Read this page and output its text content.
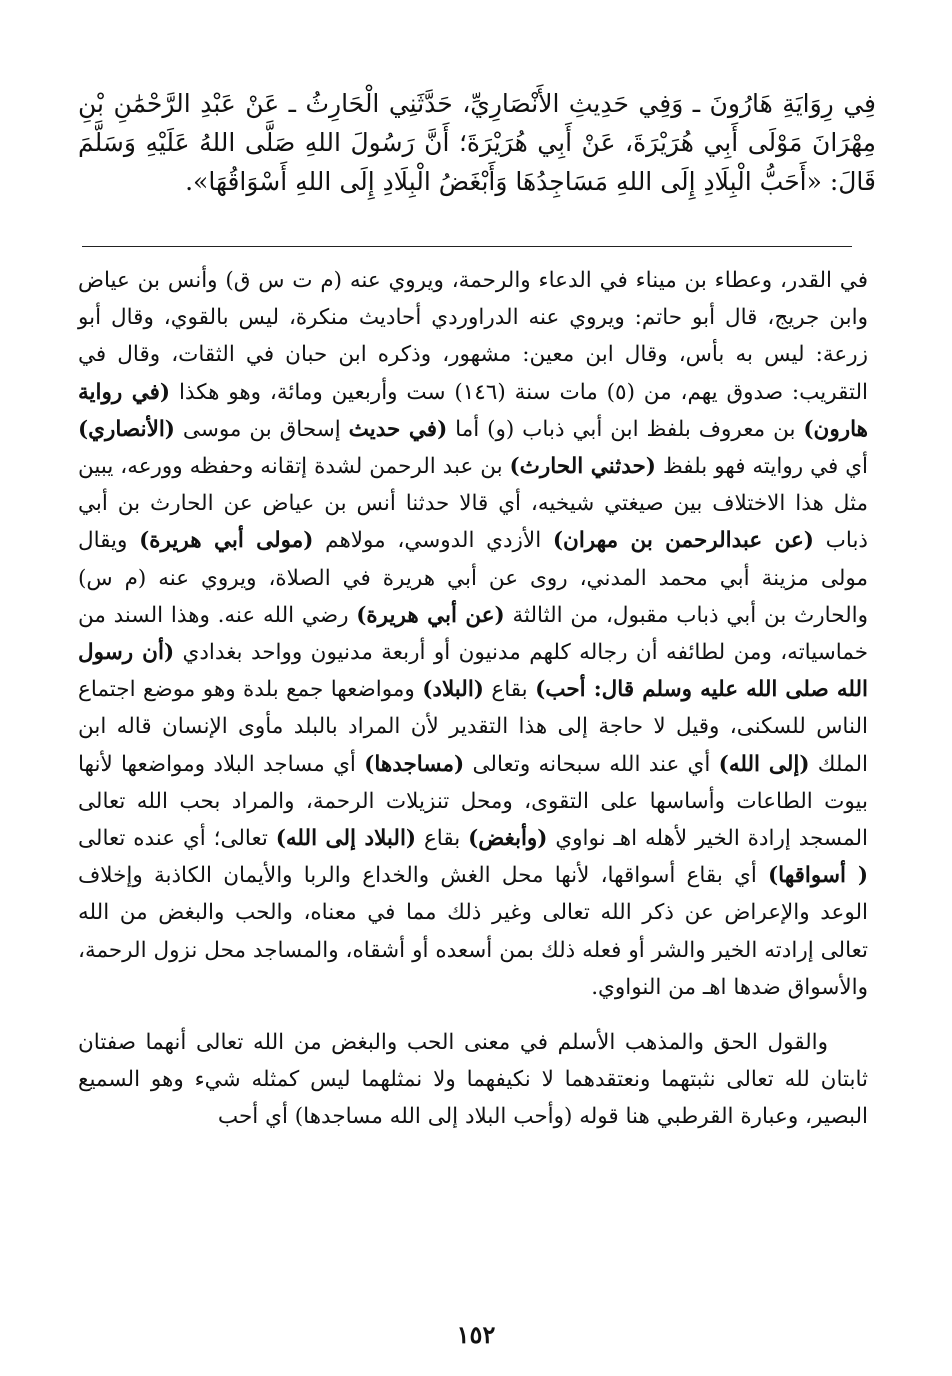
فِي رِوَايَةِ هَارُونَ ـ وَفِي حَدِيثِ الأَنْصَارِيِّ، حَدَّثَنِي الْحَارِثُ ـ عَنْ عَبْدِ الرَّحْمَٰنِ بْنِ مِهْرَانَ مَوْلَى أَبِي هُرَيْرَةَ، عَنْ أَبِي هُرَيْرَةَ؛ أَنَّ رَسُولَ اللهِ صَلَّى اللهُ عَلَيْهِ وَسَلَّمَ قَالَ: «أَحَبُّ الْبِلَادِ إِلَى اللهِ مَسَاجِدُهَا وَأَبْغَضُ الْبِلَادِ إِلَى اللهِ أَسْوَاقُهَا».

في القدر، وعطاء بن ميناء في الدعاء والرحمة، ويروي عنه (م ت س ق) وأنس بن عياض وابن جريج، قال أبو حاتم: ويروي عنه الدراوردي أحاديث منكرة، ليس بالقوي، وقال أبو زرعة: ليس به بأس، وقال ابن معين: مشهور، وذكره ابن حبان في الثقات، وقال في التقريب: صدوق يهم، من (٥) مات سنة (١٤٦) ست وأربعين ومائة، وهو هكذا (في رواية هارون) بن معروف بلفظ ابن أبي ذباب (و) أما (في حديث إسحاق بن موسى (الأنصاري) أي في روايته فهو بلفظ (حدثني الحارث) بن عبد الرحمن لشدة إتقانه وحفظه وورعه، يبين مثل هذا الاختلاف بين صيغتي شيخيه، أي قالا حدثنا أنس بن عياض عن الحارث بن أبي ذباب (عن عبدالرحمن بن مهران) الأزدي الدوسي، مولاهم (مولى أبي هريرة) ويقال مولى مزينة أبي محمد المدني، روى عن أبي هريرة في الصلاة، ويروي عنه (م س) والحارث بن أبي ذباب مقبول، من الثالثة (عن أبي هريرة) رضي الله عنه. وهذا السند من خماسياته، ومن لطائفه أن رجاله كلهم مدنيون أو أربعة مدنيون وواحد بغدادي (أن رسول الله صلى الله عليه وسلم قال: أحب) بقاع (البلاد) ومواضعها جمع بلدة وهو موضع اجتماع الناس للسكنى، وقيل لا حاجة إلى هذا التقدير لأن المراد بالبلد مأوى الإنسان قاله ابن الملك (إلى الله) أي عند الله سبحانه وتعالى (مساجدها) أي مساجد البلاد ومواضعها لأنها بيوت الطاعات وأساسها على التقوى، ومحل تنزيلات الرحمة، والمراد بحب الله تعالى المسجد إرادة الخير لأهله اهـ نواوي (وأبغض) بقاع (البلاد إلى الله) تعالى؛ أي عنده تعالى ( أسواقها) أي بقاع أسواقها، لأنها محل الغش والخداع والربا والأيمان الكاذبة وإخلاف الوعد والإعراض عن ذكر الله تعالى وغير ذلك مما في معناه، والحب والبغض من الله تعالى إرادته الخير والشر أو فعله ذلك بمن أسعده أو أشقاه، والمساجد محل نزول الرحمة، والأسواق ضدها اهـ من النواوي.

والقول الحق والمذهب الأسلم في معنى الحب والبغض من الله تعالى أنهما صفتان ثابتان لله تعالى نثبتهما ونعتقدهما لا نكيفهما ولا نمثلهما ليس كمثله شيء وهو السميع البصير، وعبارة القرطبي هنا قوله (وأحب البلاد إلى الله مساجدها) أي أحب

١٥٢
